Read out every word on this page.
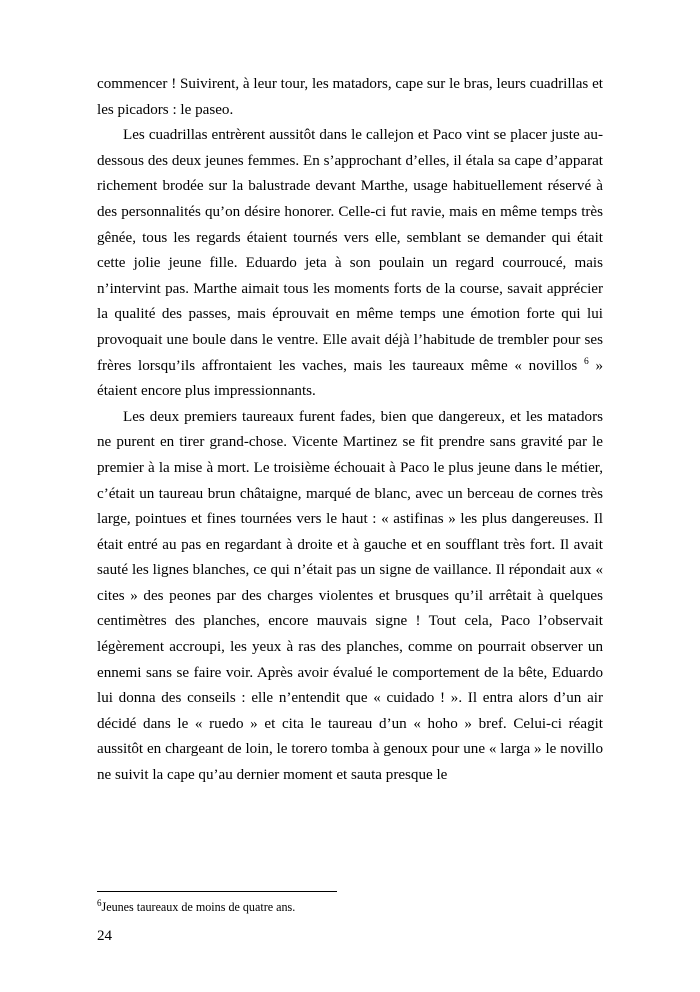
commencer ! Suivirent, à leur tour, les matadors, cape sur le bras, leurs cuadrillas et les picadors : le paseo.

Les cuadrillas entrèrent aussitôt dans le callejon et Paco vint se placer juste au-dessous des deux jeunes femmes. En s’approchant d’elles, il étala sa cape d’apparat richement brodée sur la balustrade devant Marthe, usage habituellement réservé à des personnalités qu’on désire honorer. Celle-ci fut ravie, mais en même temps très gênée, tous les regards étaient tournés vers elle, semblant se demander qui était cette jolie jeune fille. Eduardo jeta à son poulain un regard courroucé, mais n’intervint pas. Marthe aimait tous les moments forts de la course, savait apprécier la qualité des passes, mais éprouvait en même temps une émotion forte qui lui provoquait une boule dans le ventre. Elle avait déjà l’habitude de trembler pour ses frères lorsqu’ils affrontaient les vaches, mais les taureaux même « novillos $^6$ » étaient encore plus impressionnants.

Les deux premiers taureaux furent fades, bien que dangereux, et les matadors ne purent en tirer grand-chose. Vicente Martinez se fit prendre sans gravité par le premier à la mise à mort. Le troisième échouait à Paco le plus jeune dans le métier, c’était un taureau brun châtaigne, marqué de blanc, avec un berceau de cornes très large, pointues et fines tournées vers le haut : « astifinas » les plus dangereuses. Il était entré au pas en regardant à droite et à gauche et en soufflant très fort. Il avait sauté les lignes blanches, ce qui n’était pas un signe de vaillance. Il répondait aux « cites » des peones par des charges violentes et brusques qu’il arrêtait à quelques centimètres des planches, encore mauvais signe ! Tout cela, Paco l’observait légèrement accroupi, les yeux à ras des planches, comme on pourrait observer un ennemi sans se faire voir. Après avoir évalué le comportement de la bête, Eduardo lui donna des conseils : elle n’entendit que « cuidado ! ». Il entra alors d’un air décidé dans le « ruedo » et cita le taureau d’un « hoho » bref. Celui-ci réagit aussitôt en chargeant de loin, le torero tomba à genoux pour une « larga » le novillo ne suivit la cape qu’au dernier moment et sauta presque le

$^6$Jeunes taureaux de moins de quatre ans.

24
